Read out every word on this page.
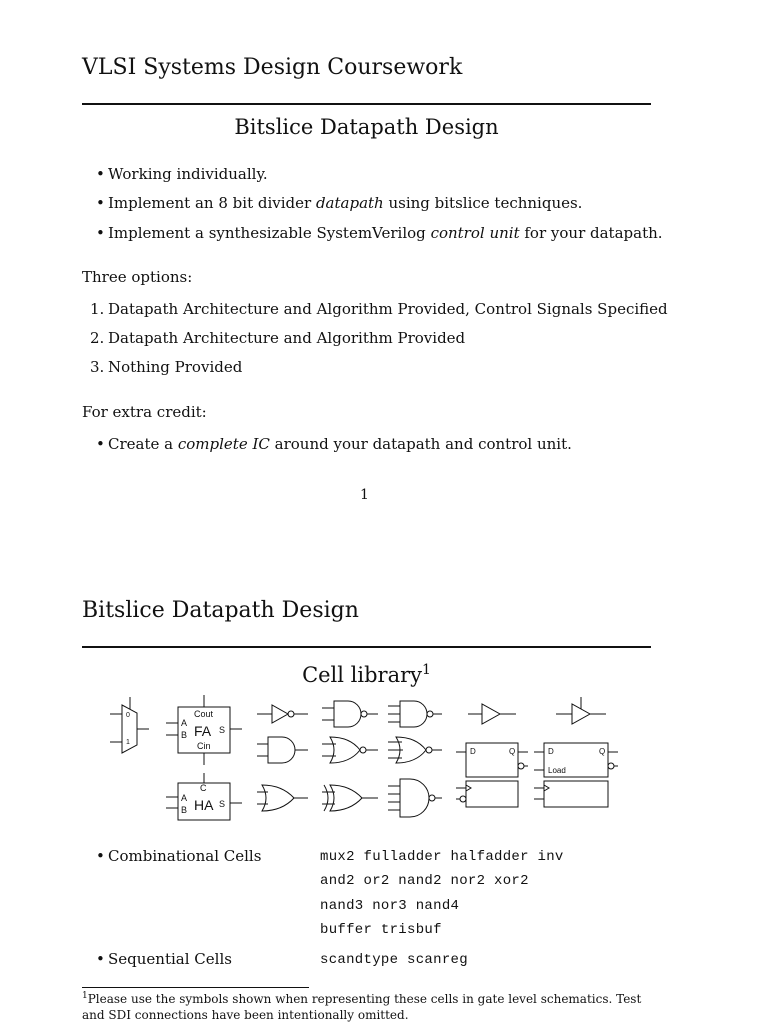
VLSI Systems Design Coursework
Bitslice Datapath Design
• Working individually.
• Implement an 8 bit divider datapath using bitslice techniques.
• Implement a synthesizable SystemVerilog control unit for your datapath.
Three options:
1. Datapath Architecture and Algorithm Provided, Control Signals Specified
2. Datapath Architecture and Algorithm Provided
3. Nothing Provided
For extra credit:
• Create a complete IC around your datapath and control unit.
1
Bitslice Datapath Design
Cell library$^1$
0
1
Cout
A
B FA S
Cin
C
A
B HA S
D	Q	D	Q
Load
• Combinational Cells	mux2 fulladder halfadder inv
and2 or2 nand2 nor2 xor2
nand3 nor3 nand4
buffer trisbuf
• Sequential Cells	scandtype scanreg
$^1$Please use the symbols shown when representing these cells in gate level schematics. Test and SDI connections have been intentionally omitted.
